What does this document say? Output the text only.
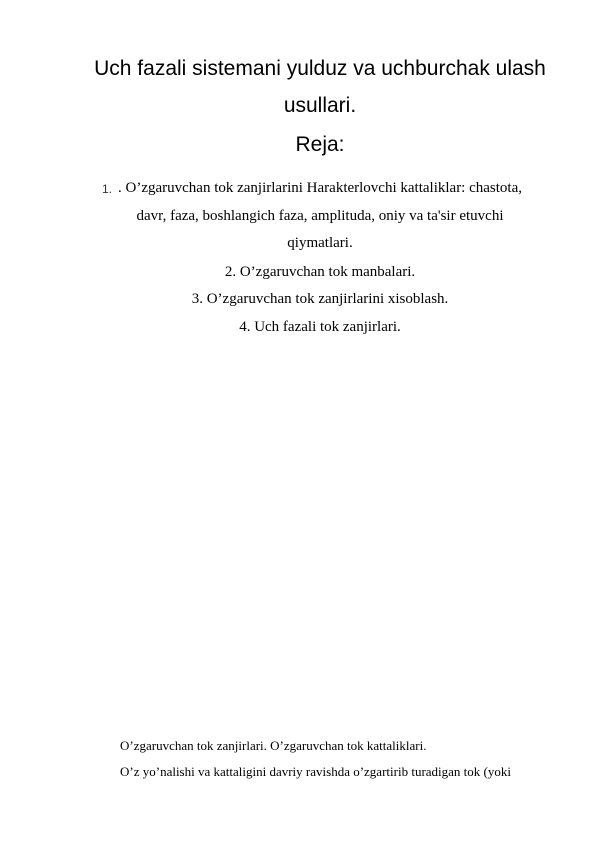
Uch fazali sistemani yulduz va uchburchak ulash
usullari.
Reja:
1. . O’zgaruvchan tok zanjirlarini Harakterlovchi kattaliklar: chastota,
davr, faza, boshlangich faza, amplituda, oniy va ta'sir etuvchi
qiymatlari.
2. O’zgaruvchan tok manbalari.
3. O’zgaruvchan tok zanjirlarini xisoblash.
4. Uch fazali tok zanjirlari.
O’zgaruvchan tok zanjirlari. O’zgaruvchan tok kattaliklari.
O’z yo’nalishi va kattaligini davriy ravishda o’zgartirib turadigan tok (yoki
